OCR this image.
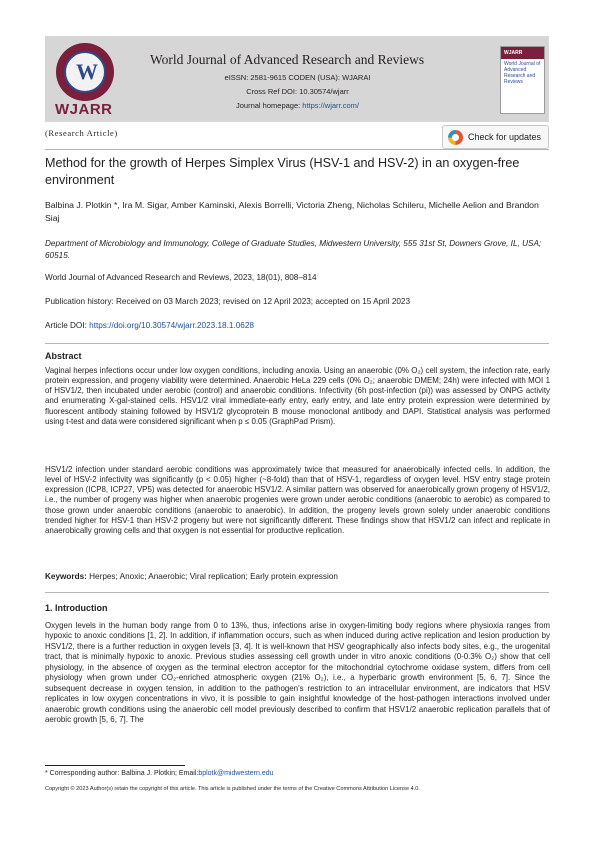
W
WJARR
World Journal of Advanced Research and Reviews
eISSN: 2581-9615 CODEN (USA): WJARAI
Cross Ref DOI: 10.30574/wjarr
Journal homepage: https://wjarr.com/
WJARR
World Journal of
Advanced
Research and
Reviews
(Research Article)	Check for updates
Method for the growth of Herpes Simplex Virus (HSV-1 and HSV-2) in an oxygen-free environment
Balbina J. Plotkin *, Ira M. Sigar, Amber Kaminski, Alexis Borrelli, Victoria Zheng, Nicholas Schileru, Michelle Aelion and Brandon Siaj
Department of Microbiology and Immunology, College of Graduate Studies, Midwestern University, 555 31st St, Downers Grove, IL, USA; 60515.
World Journal of Advanced Research and Reviews, 2023, 18(01), 808–814
Publication history: Received on 03 March 2023; revised on 12 April 2023; accepted on 15 April 2023
Article DOI: https://doi.org/10.30574/wjarr.2023.18.1.0628
Abstract
Vaginal herpes infections occur under low oxygen conditions, including anoxia. Using an anaerobic (0% O₂) cell system, the infection rate, early protein expression, and progeny viability were determined. Anaerobic HeLa 229 cells (0% O₂; anaerobic DMEM; 24h) were infected with MOI 1 of HSV1/2, then incubated under aerobic (control) and anaerobic conditions. Infectivity (6h post-infection (pi)) was assessed by ONPG activity and enumerating X-gal-stained cells. HSV1/2 viral immediate-early entry, early entry, and late entry protein expression were determined by fluorescent antibody staining followed by HSV1/2 glycoprotein B mouse monoclonal antibody and DAPI. Statistical analysis was performed using t-test and data were considered significant when p ≤ 0.05 (GraphPad Prism).
HSV1/2 infection under standard aerobic conditions was approximately twice that measured for anaerobically infected cells. In addition, the level of HSV-2 infectivity was significantly (p < 0.05) higher (~8-fold) than that of HSV-1, regardless of oxygen level. HSV entry stage protein expression (ICP8, ICP27, VP5) was detected for anaerobic HSV1/2. A similar pattern was observed for anaerobically grown progeny of HSV1/2, i.e., the number of progeny was higher when anaerobic progenies were grown under aerobic conditions (anaerobic to aerobic) as compared to those grown under anaerobic conditions (anaerobic to anaerobic). In addition, the progeny levels grown solely under anaerobic conditions trended higher for HSV-1 than HSV-2 progeny but were not significantly different. These findings show that HSV1/2 can infect and replicate in anaerobically growing cells and that oxygen is not essential for productive replication.
Keywords: Herpes; Anoxic; Anaerobic; Viral replication; Early protein expression
1. Introduction
Oxygen levels in the human body range from 0 to 13%, thus, infections arise in oxygen-limiting body regions where physioxia ranges from hypoxic to anoxic conditions [1, 2]. In addition, if inflammation occurs, such as when induced during active replication and lesion production by HSV1/2, there is a further reduction in oxygen levels [3, 4]. It is well-known that HSV geographically also infects body sites, e.g., the urogenital tract, that is minimally hypoxic to anoxic. Previous studies assessing cell growth under in vitro anoxic conditions (0-0.3% O₂) show that cell physiology, in the absence of oxygen as the terminal electron acceptor for the mitochondrial cytochrome oxidase system, differs from cell physiology when grown under CO₂-enriched atmospheric oxygen (21% O₂), i.e., a hyperbaric growth environment [5, 6, 7]. Since the subsequent decrease in oxygen tension, in addition to the pathogen's restriction to an intracellular environment, are indicators that HSV replicates in low oxygen concentrations in vivo, it is possible to gain insightful knowledge of the host-pathogen interactions involved under anaerobic growth conditions using the anaerobic cell model previously described to confirm that HSV1/2 anaerobic replication parallels that of aerobic growth [5, 6, 7]. The
* Corresponding author: Balbina J. Plotkin; Email:bplotk@midwestern.edu
Copyright © 2023 Author(s) retain the copyright of this article. This article is published under the terms of the Creative Commons Attribution License 4.0.
